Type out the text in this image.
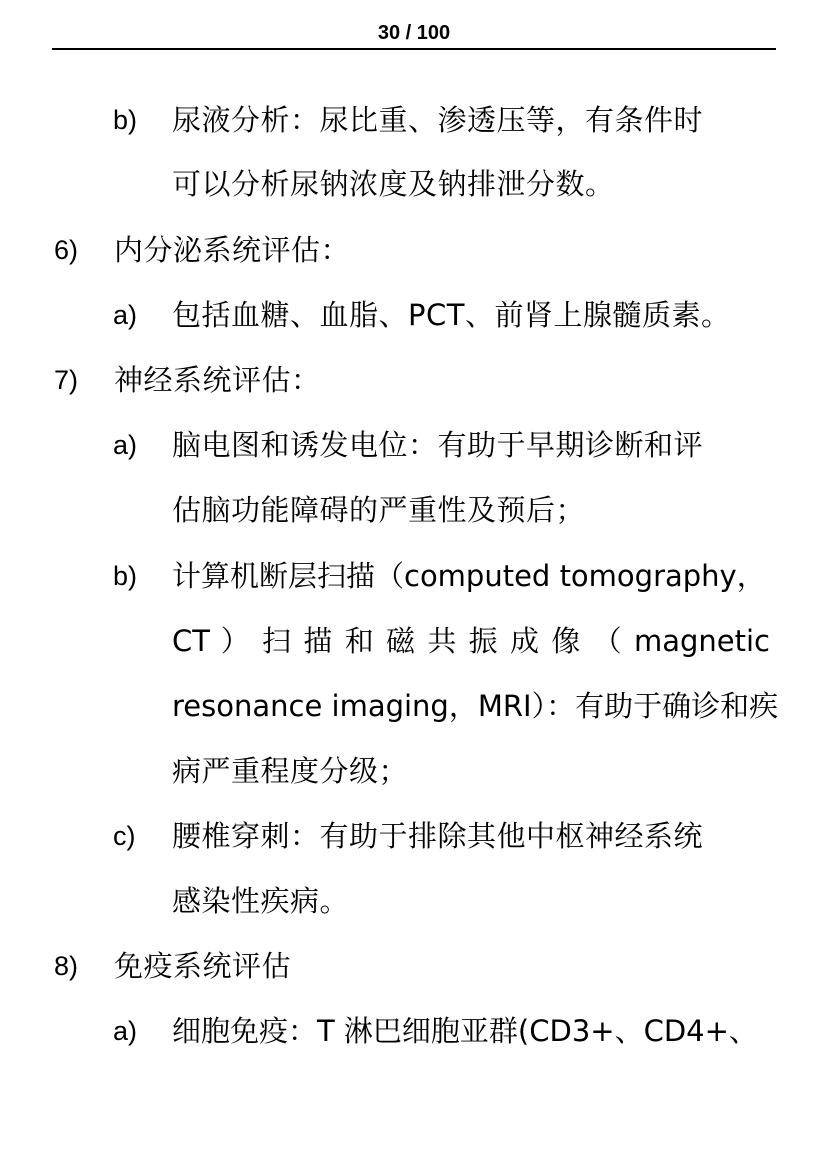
30 / 100
b) 尿液分析：尿比重、渗透压等，有条件时
可以分析尿钠浓度及钠排泄分数。
6) 内分泌系统评估：
a) 包括血糖、血脂、PCT、前肾上腺髓质素。
7) 神经系统评估：
a) 脑电图和诱发电位：有助于早期诊断和评
估脑功能障碍的严重性及预后；
b) 计算机断层扫描（computed tomography，
CT ） 扫 描 和 磁 共 振 成 像 （ magnetic
resonance imaging，MRI）：有助于确诊和疾
病严重程度分级；
c) 腰椎穿刺：有助于排除其他中枢神经系统
感染性疾病。
8) 免疫系统评估
a) 细胞免疫：T 淋巴细胞亚群(CD3+、CD4+、
